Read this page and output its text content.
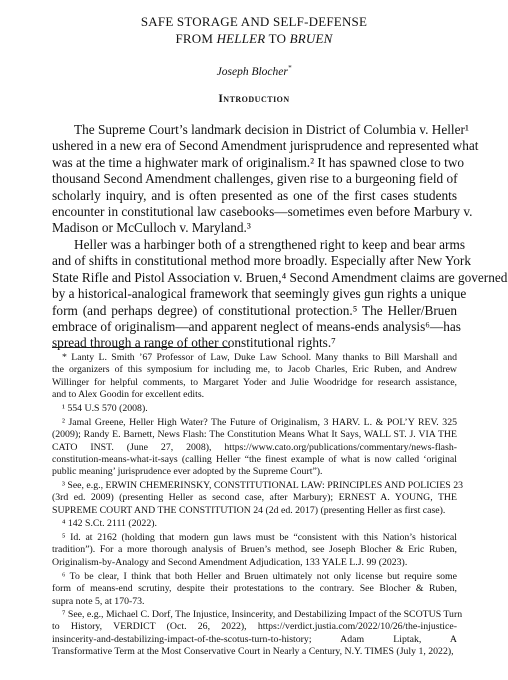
SAFE STORAGE AND SELF-DEFENSE
FROM HELLER TO BRUEN
Joseph Blocher*
Introduction
The Supreme Court’s landmark decision in District of Columbia v. Heller¹
ushered in a new era of Second Amendment jurisprudence and represented what
was at the time a highwater mark of originalism.² It has spawned close to two
thousand Second Amendment challenges, given rise to a burgeoning field of
scholarly inquiry, and is often presented as one of the first cases students
encounter in constitutional law casebooks—sometimes even before Marbury v.
Madison or McCulloch v. Maryland.³
Heller was a harbinger both of a strengthened right to keep and bear arms
and of shifts in constitutional method more broadly. Especially after New York
State Rifle and Pistol Association v. Bruen,⁴ Second Amendment claims are governed
by a historical-analogical framework that seemingly gives gun rights a unique
form (and perhaps degree) of constitutional protection.⁵ The Heller/Bruen
embrace of originalism—and apparent neglect of means-ends analysis⁶—has
spread through a range of other constitutional rights.⁷
* Lanty L. Smith ’67 Professor of Law, Duke Law School. Many thanks to Bill Marshall and
the organizers of this symposium for including me, to Jacob Charles, Eric Ruben, and Andrew
Willinger for helpful comments, to Margaret Yoder and Julie Woodridge for research assistance,
and to Alex Goodin for excellent edits.
¹ 554 U.S 570 (2008).
² Jamal Greene, Heller High Water? The Future of Originalism, 3 HARV. L. & POL’Y REV. 325
(2009); Randy E. Barnett, News Flash: The Constitution Means What It Says, WALL ST. J. VIA THE
CATO INST. (June 27, 2008), https://www.cato.org/publications/commentary/news-flash-
constitution-means-what-it-says (calling Heller “the finest example of what is now called ‘original
public meaning’ jurisprudence ever adopted by the Supreme Court”).
³ See, e.g., ERWIN CHEMERINSKY, CONSTITUTIONAL LAW: PRINCIPLES AND POLICIES 23
(3rd ed. 2009) (presenting Heller as second case, after Marbury); ERNEST A. YOUNG, THE
SUPREME COURT AND THE CONSTITUTION 24 (2d ed. 2017) (presenting Heller as first case).
⁴ 142 S.Ct. 2111 (2022).
⁵ Id. at 2162 (holding that modern gun laws must be “consistent with this Nation’s historical
tradition”). For a more thorough analysis of Bruen’s method, see Joseph Blocher & Eric Ruben,
Originalism-by-Analogy and Second Amendment Adjudication, 133 YALE L.J. 99 (2023).
⁶ To be clear, I think that both Heller and Bruen ultimately not only license but require some
form of means-end scrutiny, despite their protestations to the contrary. See Blocher & Ruben,
supra note 5, at 170-73.
⁷ See, e.g., Michael C. Dorf, The Injustice, Insincerity, and Destabilizing Impact of the SCOTUS Turn
to History, VERDICT (Oct. 26, 2022), https://verdict.justia.com/2022/10/26/the-injustice-
insincerity-and-destabilizing-impact-of-the-scotus-turn-to-history; Adam Liptak, A
Transformative Term at the Most Conservative Court in Nearly a Century, N.Y. TIMES (July 1, 2022),
